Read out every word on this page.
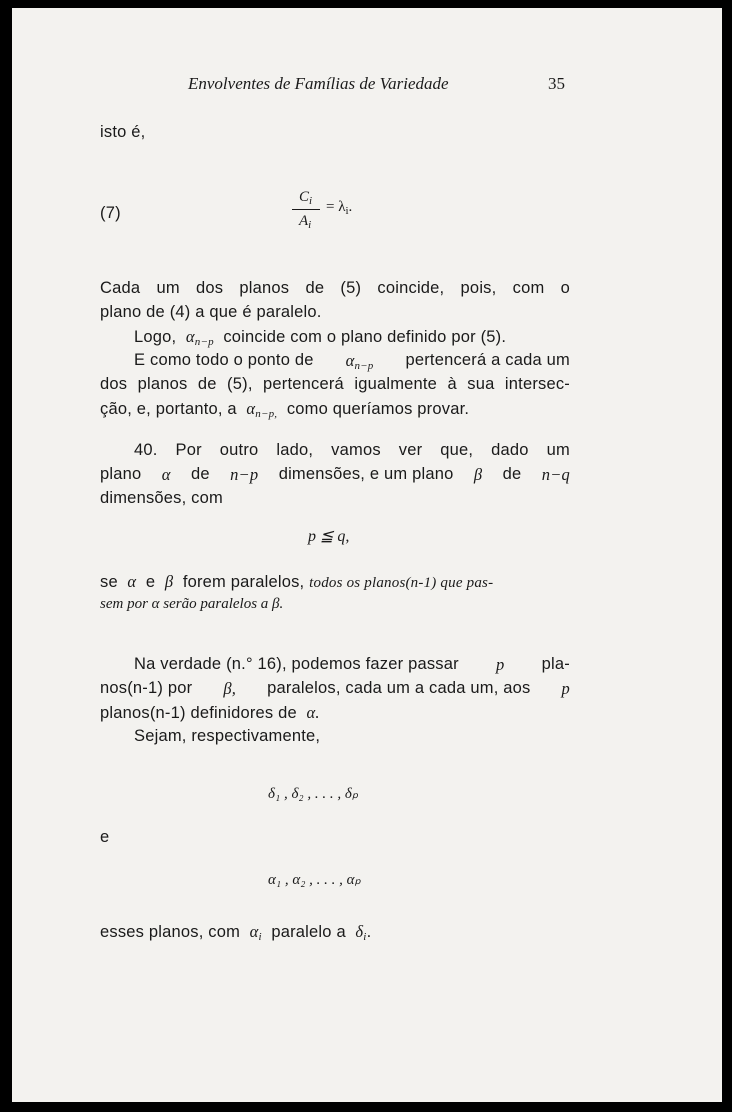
Envolventes de Famílias de Variedade	35
isto é,
(7)
$C_i$
$A_i$
= $\lambda_i$.
Cada um dos planos de (5) coincide, pois, com o
plano de (4) a que é paralelo.
Logo, $\alpha_{n-p}$ coincide com o plano definido por (5).
E como todo o ponto de $\alpha_{n-p}$ pertencerá a cada um
dos planos de (5), pertencerá igualmente à sua intersec-
ção, e, portanto, a $\alpha_{n-p,}$ como queríamos provar.
40. Por outro lado, vamos ver que, dado um
plano α de n−p dimensões, e um plano β de n−q
dimensões, com
p ≦ q,
se α e β forem paralelos, todos os planos(n-1) que pas-
sem por α serão paralelos a β.
Na verdade (n.° 16), podemos fazer passar p pla-
nos(n-1) por β, paralelos, cada um a cada um, aos p
planos(n-1) definidores de α.
Sejam, respectivamente,
δ₁ , δ₂ , . . . , δₚ
e
α₁ , α₂ , . . . , αₚ
esses planos, com $\alpha_i$ paralelo a $\delta_i$.
